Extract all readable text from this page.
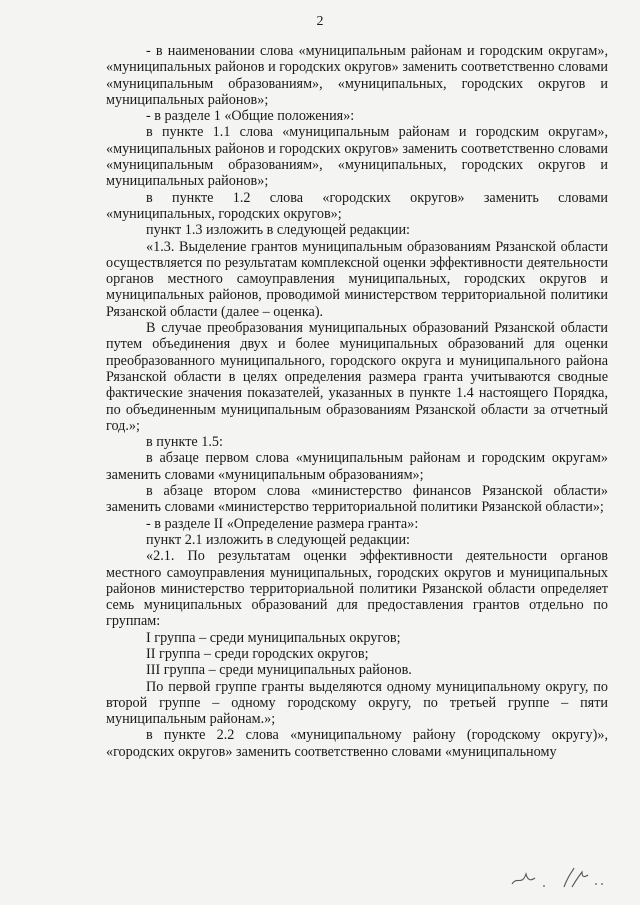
2

- в наименовании слова «муниципальным районам и городским округам», «муниципальных районов и городских округов» заменить соответственно словами «муниципальным образованиям», «муниципальных, городских округов и муниципальных районов»;

- в разделе 1 «Общие положения»:

в пункте 1.1 слова «муниципальным районам и городским округам», «муниципальных районов и городских округов» заменить соответственно словами «муниципальным образованиям», «муниципальных, городских округов и муниципальных районов»;

в пункте 1.2 слова «городских округов» заменить словами «муниципальных, городских округов»;

пункт 1.3 изложить в следующей редакции:

«1.3. Выделение грантов муниципальным образованиям Рязанской области осуществляется по результатам комплексной оценки эффективности деятельности органов местного самоуправления муниципальных, городских округов и муниципальных районов, проводимой министерством территориальной политики Рязанской области (далее – оценка).

В случае преобразования муниципальных образований Рязанской области путем объединения двух и более муниципальных образований для оценки преобразованного муниципального, городского округа и муниципального района Рязанской области в целях определения размера гранта учитываются сводные фактические значения показателей, указанных в пункте 1.4 настоящего Порядка, по объединенным муниципальным образованиям Рязанской области за отчетный год.»;

в пункте 1.5:

в абзаце первом слова «муниципальным районам и городским округам» заменить словами «муниципальным образованиям»;

в абзаце втором слова «министерство финансов Рязанской области» заменить словами «министерство территориальной политики Рязанской области»;

- в разделе II «Определение размера гранта»:

пункт 2.1 изложить в следующей редакции:

«2.1. По результатам оценки эффективности деятельности органов местного самоуправления муниципальных, городских округов и муниципальных районов министерство территориальной политики Рязанской области определяет семь муниципальных образований для предоставления грантов отдельно по группам:

I группа – среди муниципальных округов;

II группа – среди городских округов;

III группа – среди муниципальных районов.

По первой группе гранты выделяются одному муниципальному округу, по второй группе – одному городскому округу, по третьей группе – пяти муниципальным районам.»;

в пункте 2.2 слова «муниципальному району (городскому округу)», «городских округов» заменить соответственно словами «муниципальному
